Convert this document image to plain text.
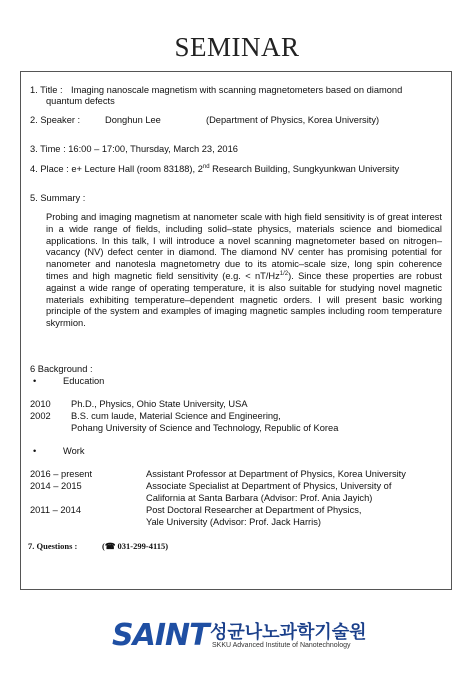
SEMINAR
1. Title : Imaging nanoscale magnetism with scanning magnetometers based on diamond
quantum defects
2. Speaker :	Donghun Lee	(Department of Physics, Korea University)
3. Time : 16:00 – 17:00, Thursday, March 23, 2016
4. Place : e+ Lecture Hall (room 83188), 2nd Research Building, Sungkyunkwan University
5. Summary :
Probing and imaging magnetism at nanometer scale with high field sensitivity is of great interest in a wide range of fields, including solid–state physics, materials science and biomedical applications. In this talk, I will introduce a novel scanning magnetometer based on nitrogen–vacancy (NV) defect center in diamond. The diamond NV center has promising potential for nanometer and nanotesla magnetometry due to its atomic–scale size, long spin coherence times and high magnetic field sensitivity (e.g. < $nT/Hz^{1/2}$). Since these properties are robust against a wide range of operating temperature, it is also suitable for studying novel magnetic materials exhibiting temperature–dependent magnetic orders. I will present basic working principle of the system and examples of imaging magnetic samples including room temperature skyrmion.
6 Background :
•	Education
2010 Ph.D., Physics, Ohio State University, USA
2002 B.S. cum laude, Material Science and Engineering,
Pohang University of Science and Technology, Republic of Korea
•	Work
2016 – present	Assistant Professor at Department of Physics, Korea University
2014 – 2015	Associate Specialist at Department of Physics, University of
California at Santa Barbara (Advisor: Prof. Ania Jayich)
2011 – 2014	Post Doctoral Researcher at Department of Physics,
Yale University (Advisor: Prof. Jack Harris)
7. Questions :	(☎ 031-299-4115)
SAINT 성균나노과학기술원
SKKU Advanced Institute of Nanotechnology
